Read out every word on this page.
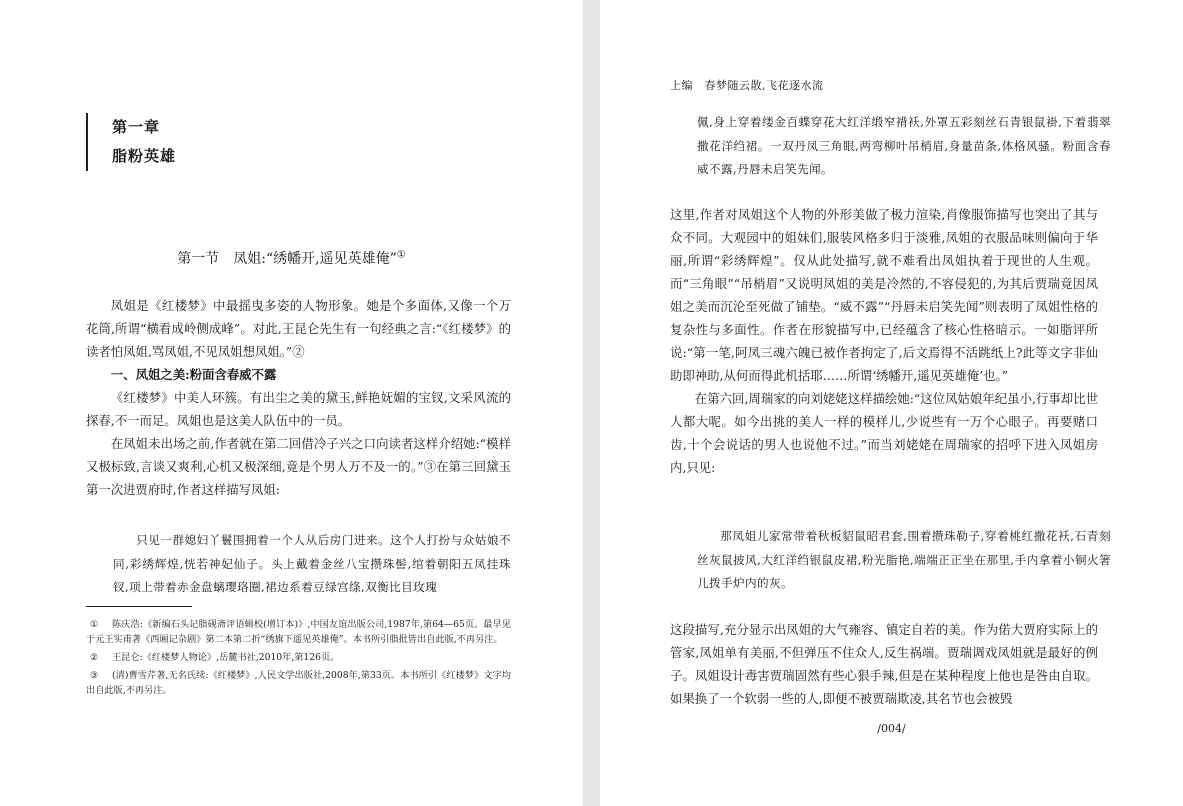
第一章
脂粉英雄
第一节　凤姐:“绣幡开,遥见英雄俺”①

凤姐是《红楼梦》中最摇曳多姿的人物形象。她是个多面体,又像一个万花筒,所谓“横看成岭侧成峰”。对此,王昆仑先生有一句经典之言:“《红楼梦》的读者怕凤姐,骂凤姐,不见凤姐想凤姐。”②

一、凤姐之美:粉面含春威不露

《红楼梦》中美人环簇。有出尘之美的黛玉,鲜艳妩媚的宝钗,文采风流的探春,不一而足。凤姐也是这美人队伍中的一员。

在凤姐未出场之前,作者就在第二回借冷子兴之口向读者这样介绍她:“模样又极标致,言谈又爽利,心机又极深细,竟是个男人万不及一的。”③在第三回黛玉第一次进贾府时,作者这样描写凤姐:

只见一群媳妇丫鬟围拥着一个人从后房门进来。这个人打扮与众姑娘不同,彩绣辉煌,恍若神妃仙子。头上戴着金丝八宝攒珠髻,绾着朝阳五凤挂珠钗,项上带着赤金盘螭璎珞圈,裙边系着豆绿宫绦,双衡比目玫瑰

① 陈庆浩:《新编石头记脂砚斋评语辑校(增订本)》,中国友谊出版公司,1987年,第64—65页。最早见于元王实甫著《西厢记杂剧》第二本第二折“绣旗下遥见英雄俺”。本书所引脂批皆出自此版,不再另注。

② 王昆仑:《红楼梦人物论》,岳麓书社,2010年,第126页。

③ (清)曹雪芹著,无名氏续:《红楼梦》,人民文学出版社,2008年,第33页。本书所引《红楼梦》文字均出自此版,不再另注。

上编　春梦随云散,飞花逐水流
佩,身上穿着缕金百蝶穿花大红洋缎窄褙袄,外罩五彩刻丝石青银鼠褂,下着翡翠撒花洋绉裙。一双丹凤三角眼,两弯柳叶吊梢眉,身量苗条,体格风骚。粉面含春威不露,丹唇未启笑先闻。

这里,作者对凤姐这个人物的外形美做了极力渲染,肖像服饰描写也突出了其与众不同。大观园中的姐妹们,服装风格多归于淡雅,凤姐的衣服品味则偏向于华丽,所谓“彩绣辉煌”。仅从此处描写,就不难看出凤姐执着于现世的人生观。而“三角眼”“吊梢眉”又说明凤姐的美是冷然的,不容侵犯的,为其后贾瑞竟因凤姐之美而沉沦至死做了铺垫。“威不露”“丹唇未启笑先闻”则表明了凤姐性格的复杂性与多面性。作者在形貌描写中,已经蕴含了核心性格暗示。一如脂评所说:“第一笔,阿凤三魂六魄已被作者拘定了,后文焉得不活跳纸上?此等文字非仙助即神助,从何而得此机括耶……所谓‘绣幡开,遥见英雄俺’也。”

在第六回,周瑞家的向刘姥姥这样描绘她:“这位凤姑娘年纪虽小,行事却比世人都大呢。如今出挑的美人一样的模样儿,少说些有一万个心眼子。再要赌口齿,十个会说话的男人也说他不过。”而当刘姥姥在周瑞家的招呼下进入凤姐房内,只见:

那凤姐儿家常带着秋板貂鼠昭君套,围着攒珠勒子,穿着桃红撒花袄,石青刻丝灰鼠披风,大红洋绉银鼠皮裙,粉光脂艳,端端正正坐在那里,手内拿着小铜火箸儿拨手炉内的灰。

这段描写,充分显示出凤姐的大气雍容、镇定自若的美。作为偌大贾府实际上的管家,凤姐单有美丽,不但弹压不住众人,反生祸端。贾瑞调戏凤姐就是最好的例子。凤姐设计毒害贾瑞固然有些心狠手辣,但是在某种程度上他也是咎由自取。如果换了一个软弱一些的人,即便不被贾瑞欺凌,其名节也会被毁

/004/
